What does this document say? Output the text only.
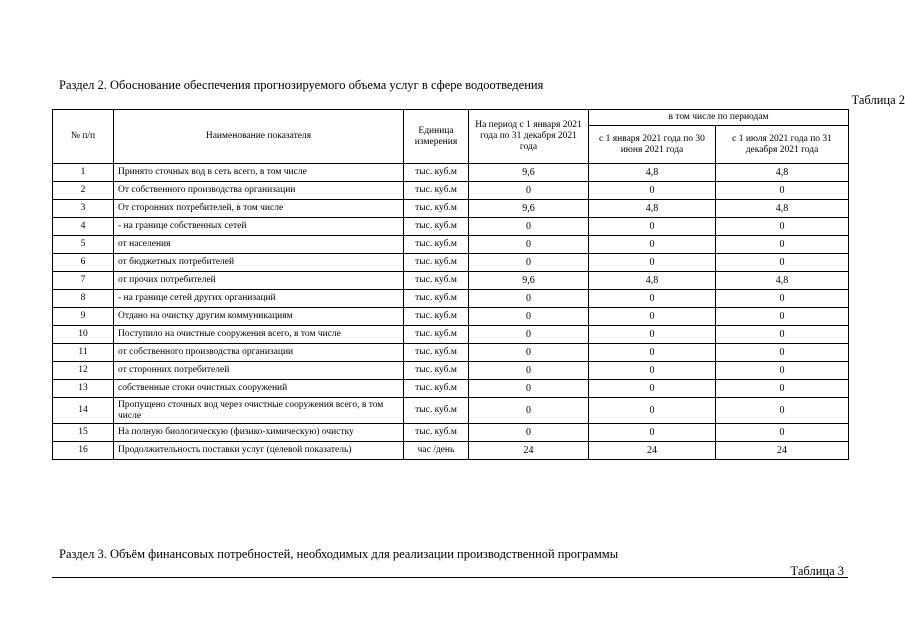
Раздел 2. Обоснование обеспечения прогнозируемого объема услуг в сфере водоотведения
Таблица 2
№ п/п	Наименование показателя	Единица измерения	На период с 1 января 2021 года по 31 декабря 2021 года	в том числе по периодам	
				с 1 января 2021 года по 30 июня 2021 года	с 1 июля 2021 года по 31 декабря 2021 года
1	Принято сточных вод в сеть всего, в том числе	тыс. куб.м	9,6	4,8	4,8
2	От собственного производства организации	тыс. куб.м	0	0	0
3	От сторонних потребителей, в том числе	тыс. куб.м	9,6	4,8	4,8
4	- на границе собственных сетей	тыс. куб.м	0	0	0
5	от населения	тыс. куб.м	0	0	0
6	от бюджетных потребителей	тыс. куб.м	0	0	0
7	от прочих потребителей	тыс. куб.м	9,6	4,8	4,8
8	- на границе сетей других организаций	тыс. куб.м	0	0	0
9	Отдано на очистку другим коммуникациям	тыс. куб.м	0	0	0
10	Поступило на очистные сооружения всего, в том числе	тыс. куб.м	0	0	0
11	от собственного производства организации	тыс. куб.м	0	0	0
12	от сторонних потребителей	тыс. куб.м	0	0	0
13	собственные стоки очистных сооружений	тыс. куб.м	0	0	0
14	Пропущено сточных вод через очистные сооружения всего, в том числе	тыс. куб.м	0	0	0
15	На полную биологическую (физико-химическую) очистку	тыс. куб.м	0	0	0
16	Продолжительность поставки услуг (целевой показатель)	час /день	24	24	24
Раздел 3. Объём финансовых потребностей, необходимых для реализации производственной программы
Таблица 3
